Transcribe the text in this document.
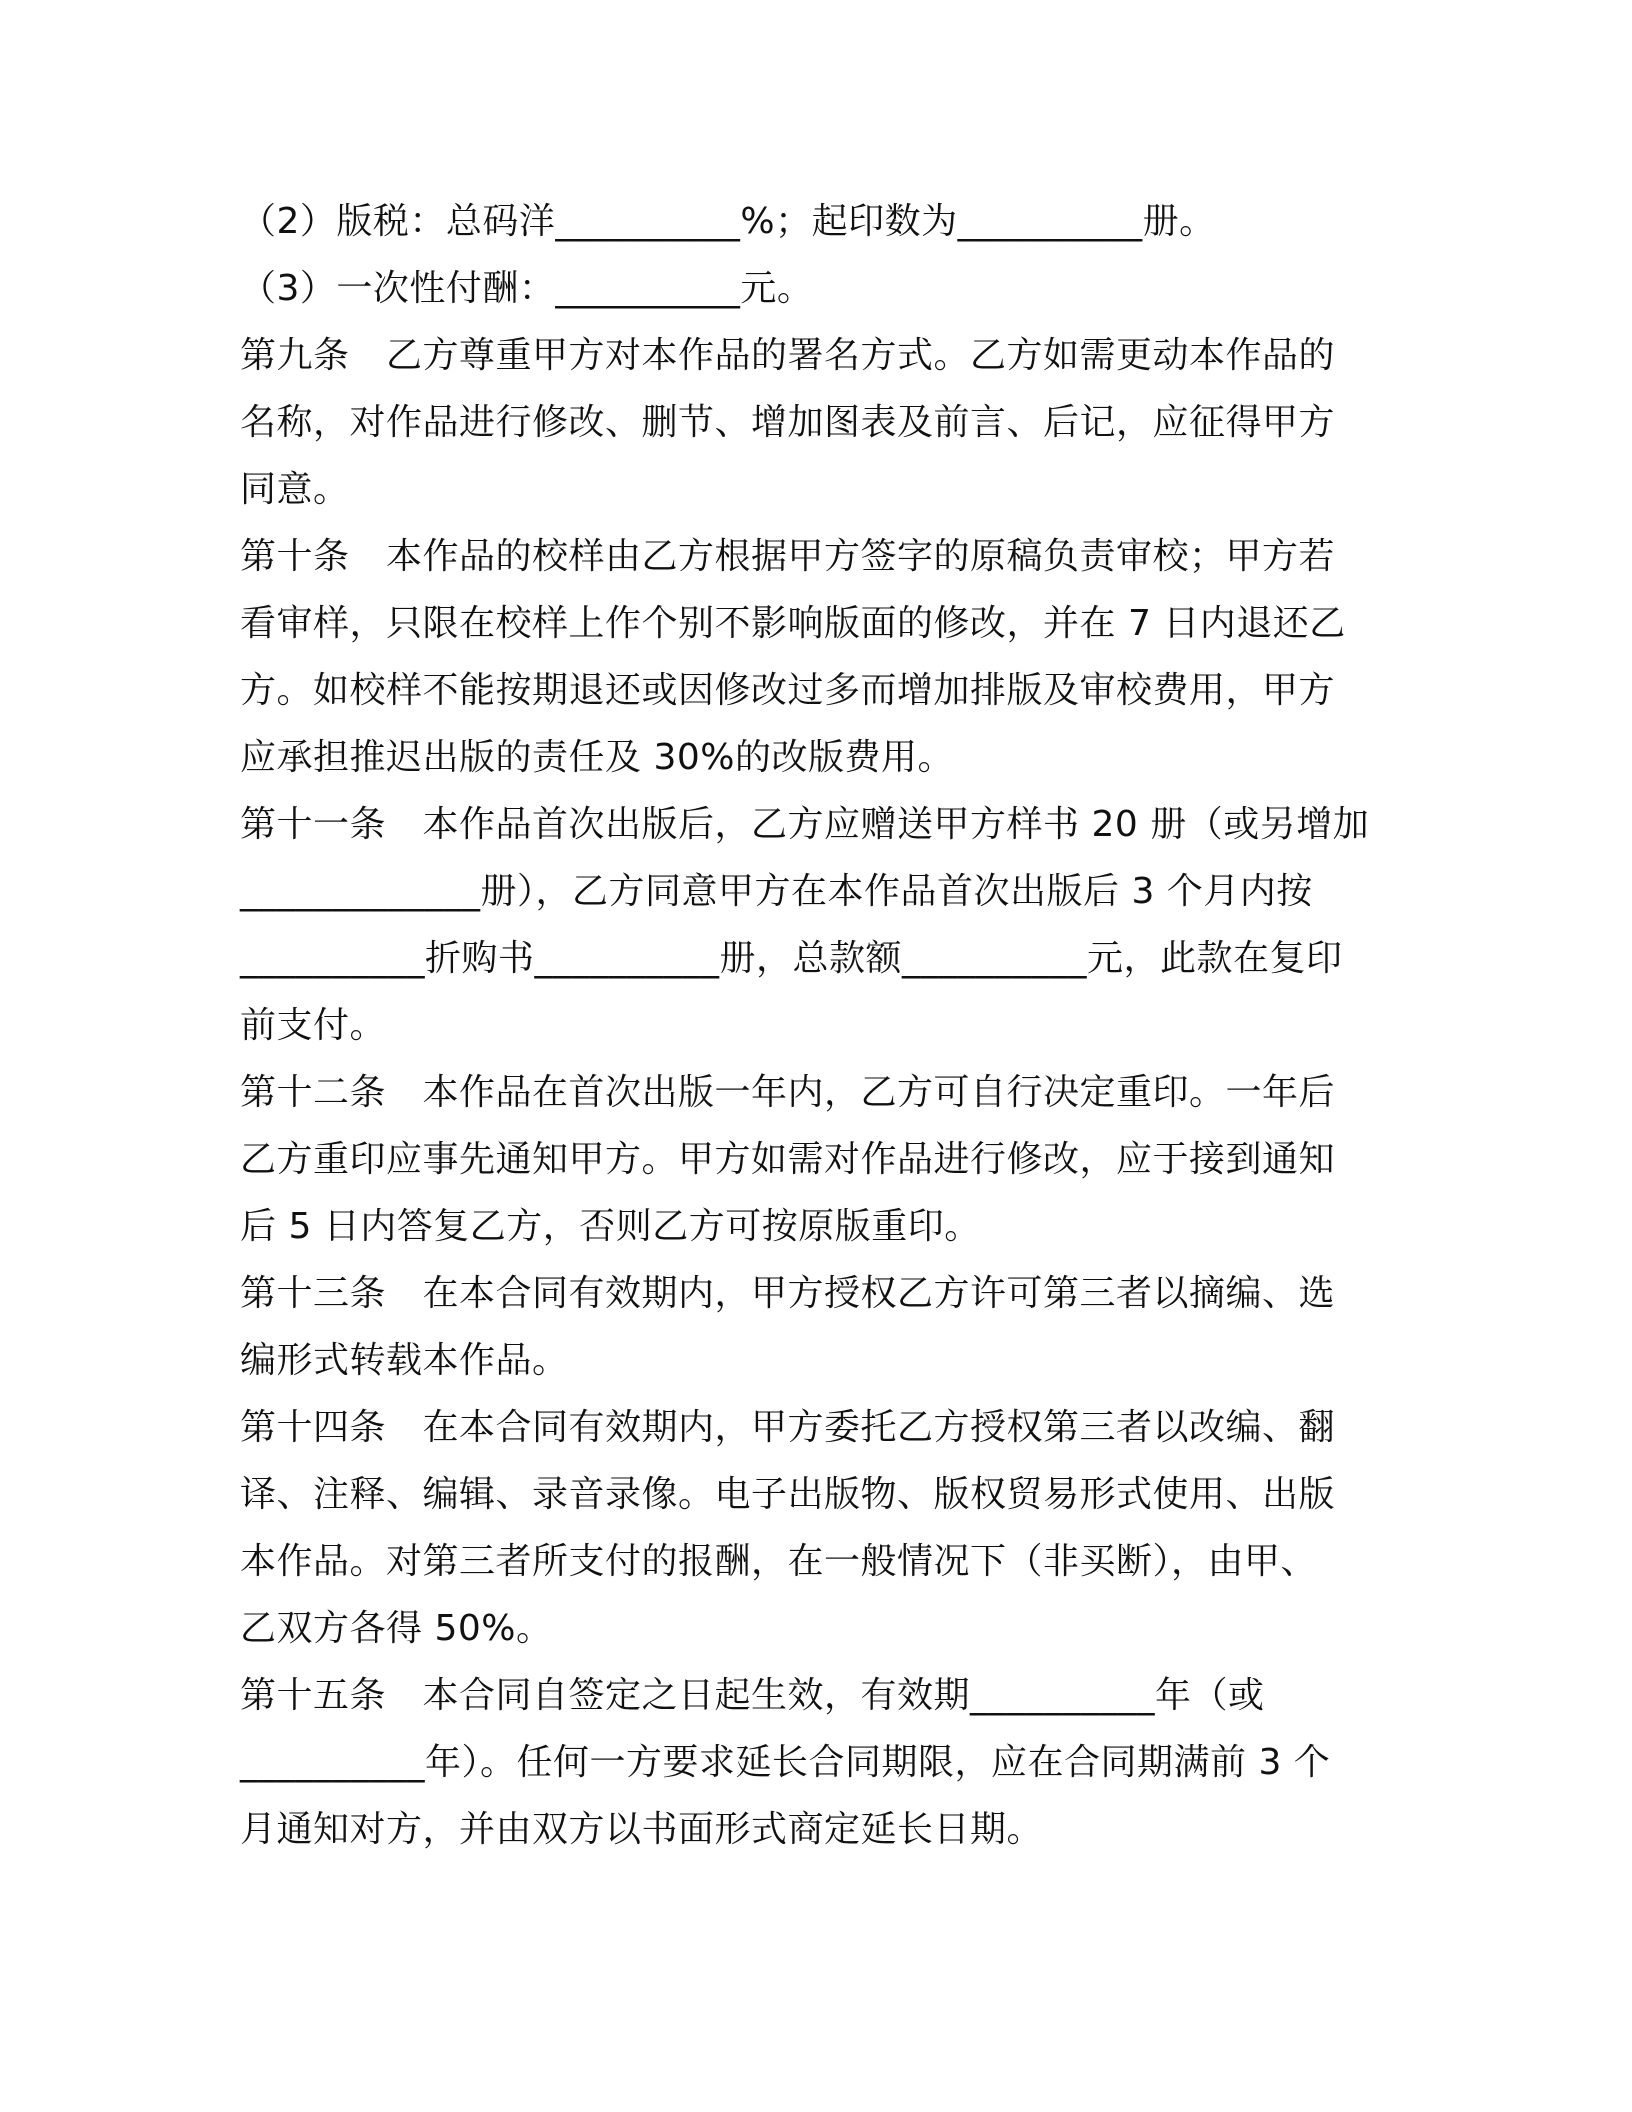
（2）版税：总码洋__________%；起印数为__________册。
（3）一次性付酬：__________元。
第九条　乙方尊重甲方对本作品的署名方式。乙方如需更动本作品的
名称，对作品进行修改、删节、增加图表及前言、后记，应征得甲方
同意。
第十条　本作品的校样由乙方根据甲方签字的原稿负责审校；甲方若
看审样，只限在校样上作个别不影响版面的修改，并在 7 日内退还乙
方。如校样不能按期退还或因修改过多而增加排版及审校费用，甲方
应承担推迟出版的责任及 30%的改版费用。
第十一条　本作品首次出版后，乙方应赠送甲方样书 20 册（或另增加
_____________册），乙方同意甲方在本作品首次出版后 3 个月内按
__________折购书__________册，总款额__________元，此款在复印
前支付。
第十二条　本作品在首次出版一年内，乙方可自行决定重印。一年后
乙方重印应事先通知甲方。甲方如需对作品进行修改，应于接到通知
后 5 日内答复乙方，否则乙方可按原版重印。
第十三条　在本合同有效期内，甲方授权乙方许可第三者以摘编、选
编形式转载本作品。
第十四条　在本合同有效期内，甲方委托乙方授权第三者以改编、翻
译、注释、编辑、录音录像。电子出版物、版权贸易形式使用、出版
本作品。对第三者所支付的报酬，在一般情况下（非买断），由甲、
乙双方各得 50%。
第十五条　本合同自签定之日起生效，有效期__________年（或
__________年）。任何一方要求延长合同期限，应在合同期满前 3 个
月通知对方，并由双方以书面形式商定延长日期。
